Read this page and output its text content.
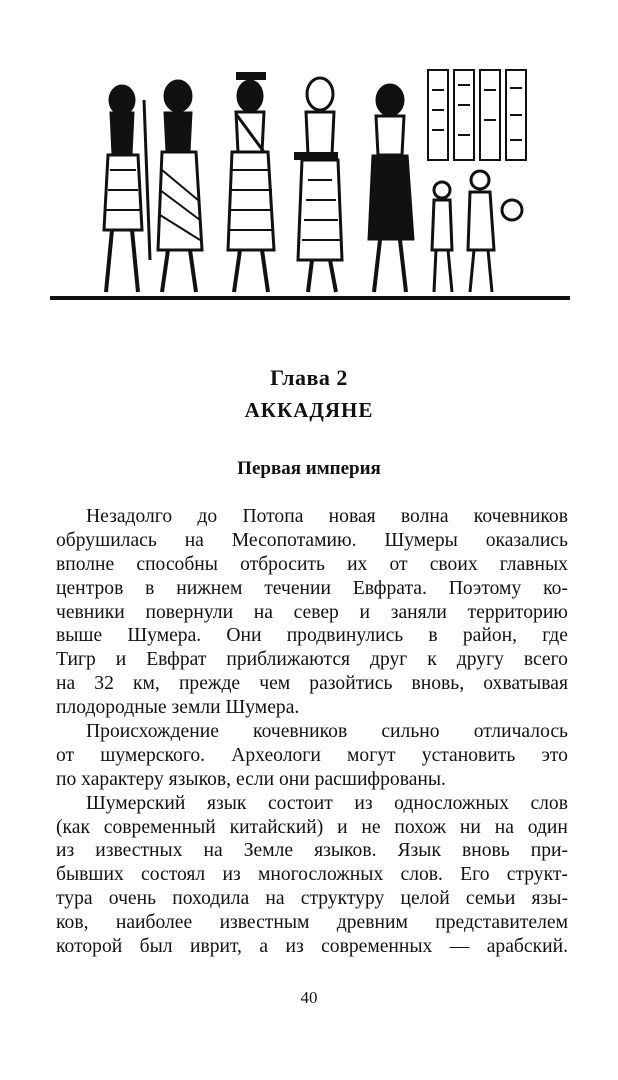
Глава 2
АККАДЯНЕ
Первая империя
Незадолго до Потопа новая волна кочевников
обрушилась на Месопотамию. Шумеры оказались
вполне способны отбросить их от своих главных
центров в нижнем течении Евфрата. Поэтому ко-
чевники повернули на север и заняли территорию
выше Шумера. Они продвинулись в район, где
Тигр и Евфрат приближаются друг к другу всего
на 32 км, прежде чем разойтись вновь, охватывая
плодородные земли Шумера.
Происхождение кочевников сильно отличалось
от шумерского. Археологи могут установить это
по характеру языков, если они расшифрованы.
Шумерский язык состоит из односложных слов
(как современный китайский) и не похож ни на один
из известных на Земле языков. Язык вновь при-
бывших состоял из многосложных слов. Его структ-
тура очень походила на структуру целой семьи язы-
ков, наиболее известным древним представителем
которой был иврит, а из современных — арабский.
40
